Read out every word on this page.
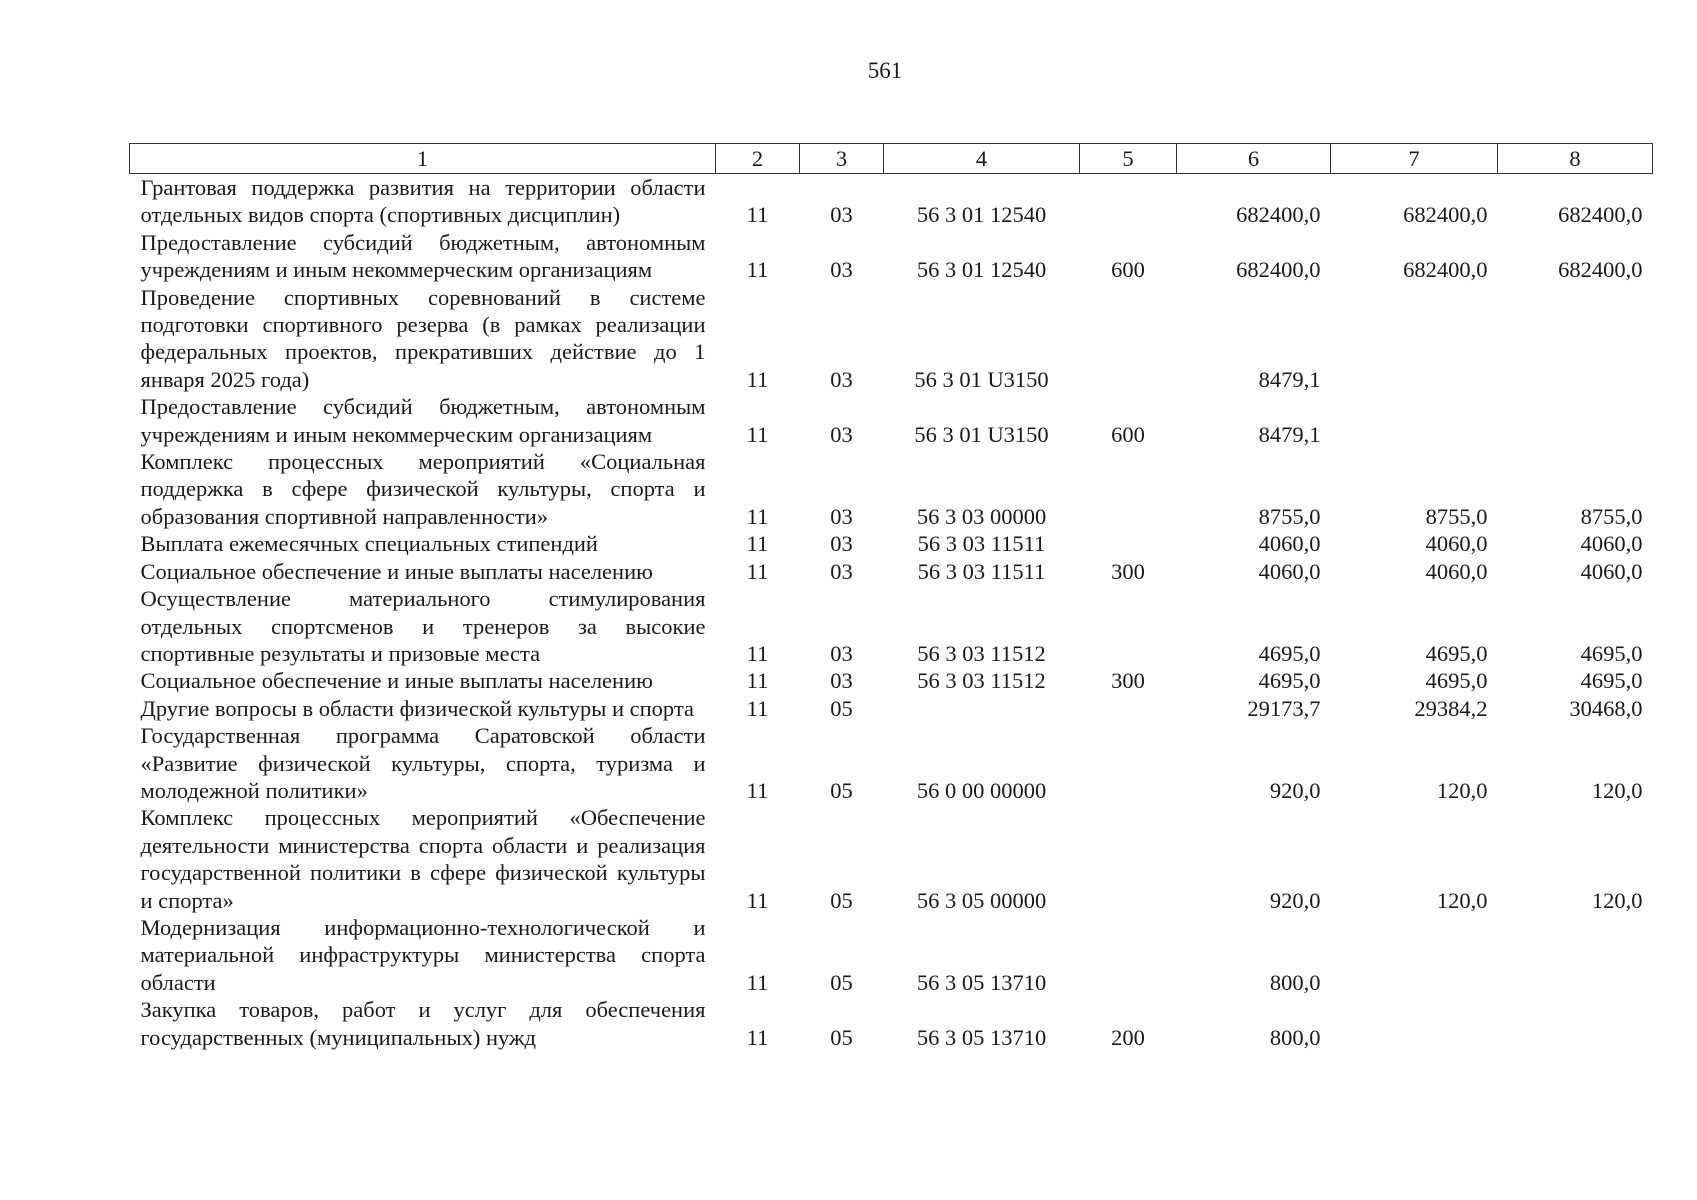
561
1	2	3	4	5	6	7	8
Грантовая поддержка развития на территории области отдельных видов спорта (спортивных дисциплин)	11	03	56 3 01 12540		682400,0	682400,0	682400,0
Предоставление субсидий бюджетным, автономным учреждениям и иным некоммерческим организациям	11	03	56 3 01 12540	600	682400,0	682400,0	682400,0
Проведение спортивных соревнований в системе подготовки спортивного резерва (в рамках реализации федеральных проектов, прекративших действие до 1 января 2025 года)	11	03	56 3 01 U3150		8479,1		
Предоставление субсидий бюджетным, автономным учреждениям и иным некоммерческим организациям	11	03	56 3 01 U3150	600	8479,1		
Комплекс процессных мероприятий «Социальная поддержка в сфере физической культуры, спорта и образования спортивной направленности»	11	03	56 3 03 00000		8755,0	8755,0	8755,0
Выплата ежемесячных специальных стипендий	11	03	56 3 03 11511		4060,0	4060,0	4060,0
Социальное обеспечение и иные выплаты населению	11	03	56 3 03 11511	300	4060,0	4060,0	4060,0
Осуществление материального стимулирования отдельных спортсменов и тренеров за высокие спортивные результаты и призовые места	11	03	56 3 03 11512		4695,0	4695,0	4695,0
Социальное обеспечение и иные выплаты населению	11	03	56 3 03 11512	300	4695,0	4695,0	4695,0
Другие вопросы в области физической культуры и спорта	11	05			29173,7	29384,2	30468,0
Государственная программа Саратовской области «Развитие физической культуры, спорта, туризма и молодежной политики»	11	05	56 0 00 00000		920,0	120,0	120,0
Комплекс процессных мероприятий «Обеспечение деятельности министерства спорта области и реализация государственной политики в сфере физической культуры и спорта»	11	05	56 3 05 00000		920,0	120,0	120,0
Модернизация информационно-технологической и материальной инфраструктуры министерства спорта области	11	05	56 3 05 13710		800,0		
Закупка товаров, работ и услуг для обеспечения государственных (муниципальных) нужд	11	05	56 3 05 13710	200	800,0		
